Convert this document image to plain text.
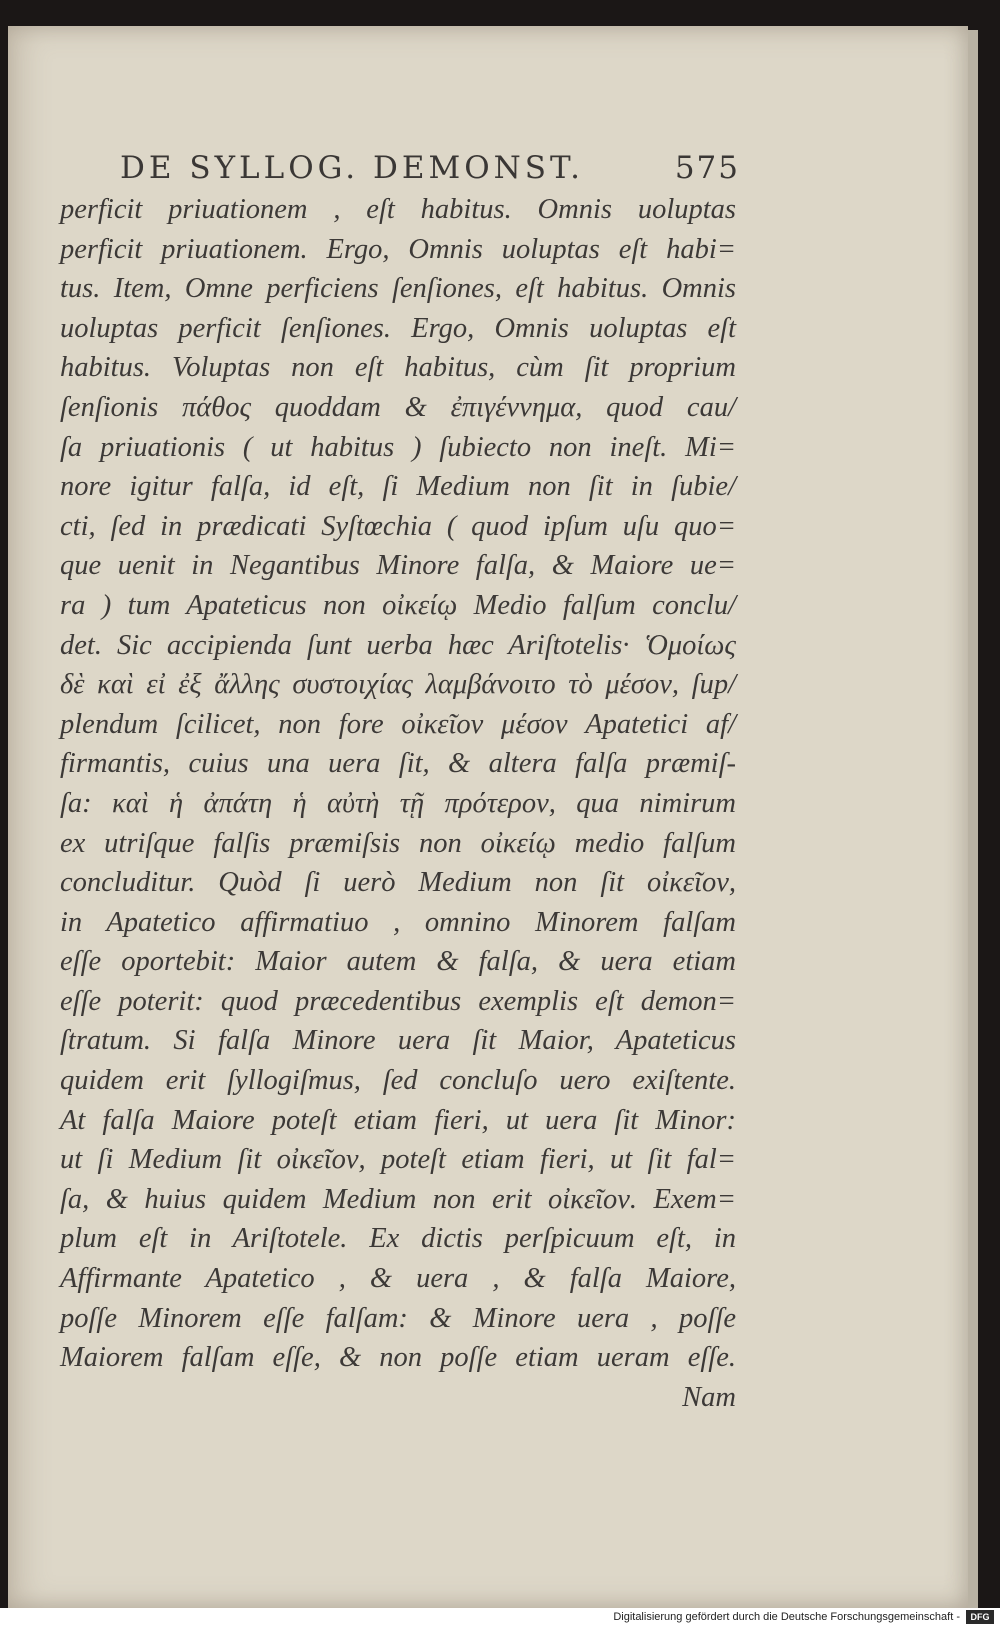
DE SYLLOG. DEMONST.	575
perficit priuationem , eſt habitus. Omnis uoluptas
perficit priuationem. Ergo, Omnis uoluptas eſt habi=
tus. Item, Omne perficiens ſenſiones, eſt habitus. Omnis
uoluptas perficit ſenſiones. Ergo, Omnis uoluptas eſt
habitus. Voluptas non eſt habitus, cùm ſit proprium
ſenſionis πάθος quoddam & ἐπιγέννημα, quod cau/
ſa priuationis ( ut habitus ) ſubiecto non ineſt. Mi=
nore igitur falſa, id eſt, ſi Medium non ſit in ſubie/
cti, ſed in prædicati Syſtœchia ( quod ipſum uſu quo=
que uenit in Negantibus Minore falſa, & Maiore ue=
ra ) tum Apateticus non οἰκείῳ Medio falſum conclu/
det. Sic accipienda ſunt uerba hæc Ariſtotelis· Ὁμοίως
δὲ καὶ εἰ ἐξ ἄλλης συστοιχίας λαμβάνοιτο τὸ μέσον, ſup/
plendum ſcilicet, non fore οἰκεῖον μέσον Apatetici af/
firmantis, cuius una uera ſit, & altera falſa præmiſ-
ſa: καὶ ἡ ἀπάτη ἡ αὐτὴ τῇ πρότερον, qua nimirum
ex utriſque falſis præmiſsis non οἰκείῳ medio falſum
concluditur. Quòd ſi uerò Medium non ſit οἰκεῖον,
in Apatetico affirmatiuo , omnino Minorem falſam
eſſe oportebit: Maior autem & falſa, & uera etiam
eſſe poterit: quod præcedentibus exemplis eſt demon=
ſtratum. Si falſa Minore uera ſit Maior, Apateticus
quidem erit ſyllogiſmus, ſed concluſo uero exiſtente.
At falſa Maiore poteſt etiam fieri, ut uera ſit Minor:
ut ſi Medium ſit οἰκεῖον, poteſt etiam fieri, ut ſit fal=
ſa, & huius quidem Medium non erit οἰκεῖον. Exem=
plum eſt in Ariſtotele. Ex dictis perſpicuum eſt, in
Affirmante Apatetico , & uera , & falſa Maiore,
poſſe Minorem eſſe falſam: & Minore uera , poſſe
Maiorem falſam eſſe, & non poſſe etiam ueram eſſe.
Nam
Digitalisierung gefördert durch die Deutsche Forschungsgemeinschaft -	DFG
